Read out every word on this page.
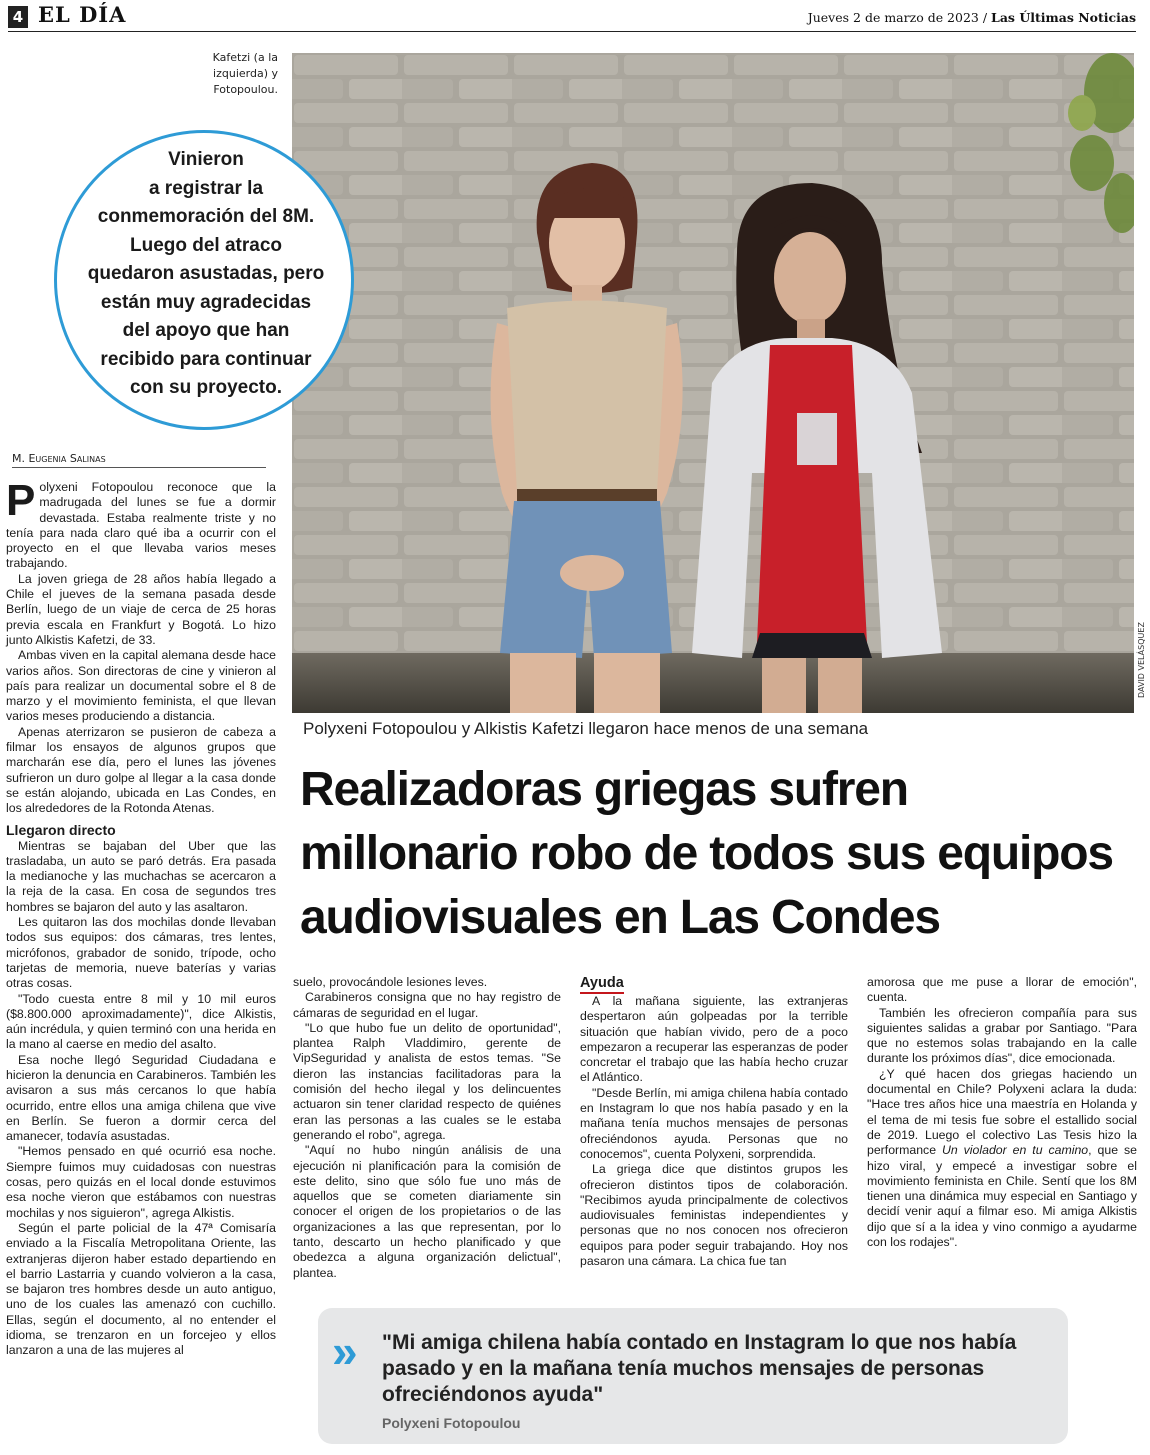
4 EL DÍA	Jueves 2 de marzo de 2023 / Las Últimas Noticias
Kafetzi (a la izquierda) y Fotopoulou.
DAVID VELÁSQUEZ
Vinieron
a registrar la
conmemoración del 8M.
Luego del atraco
quedaron asustadas, pero
están muy agradecidas
del apoyo que han
recibido para continuar
con su proyecto.
M. Eugenia Salinas

Polyxeni Fotopoulou reconoce que la madrugada del lunes se fue a dormir devastada. Estaba realmente triste y no tenía para nada claro qué iba a ocurrir con el proyecto en el que llevaba varios meses trabajando.

La joven griega de 28 años había llegado a Chile el jueves de la semana pasada desde Berlín, luego de un viaje de cerca de 25 horas previa escala en Frankfurt y Bogotá. Lo hizo junto Alkistis Kafetzi, de 33.

Ambas viven en la capital alemana desde hace varios años. Son directoras de cine y vinieron al país para realizar un documental sobre el 8 de marzo y el movimiento feminista, el que llevan varios meses produciendo a distancia.

Apenas aterrizaron se pusieron de cabeza a filmar los ensayos de algunos grupos que marcharán ese día, pero el lunes las jóvenes sufrieron un duro golpe al llegar a la casa donde se están alojando, ubicada en Las Condes, en los alrededores de la Rotonda Atenas.

Llegaron directo

Mientras se bajaban del Uber que las trasladaba, un auto se paró detrás. Era pasada la medianoche y las muchachas se acercaron a la reja de la casa. En cosa de segundos tres hombres se bajaron del auto y las asaltaron.

Les quitaron las dos mochilas donde llevaban todos sus equipos: dos cámaras, tres lentes, micrófonos, grabador de sonido, trípode, ocho tarjetas de memoria, nueve baterías y varias otras cosas.

"Todo cuesta entre 8 mil y 10 mil euros ($8.800.000 aproximadamente)", dice Alkistis, aún incrédula, y quien terminó con una herida en la mano al caerse en medio del asalto.

Esa noche llegó Seguridad Ciudadana e hicieron la denuncia en Carabineros. También les avisaron a sus más cercanos lo que había ocurrido, entre ellos una amiga chilena que vive en Berlín. Se fueron a dormir cerca del amanecer, todavía asustadas.

"Hemos pensado en qué ocurrió esa noche. Siempre fuimos muy cuidadosas con nuestras cosas, pero quizás en el local donde estuvimos esa noche vieron que estábamos con nuestras mochilas y nos siguieron", agrega Alkistis.

Según el parte policial de la 47ª Comisaría enviado a la Fiscalía Metropolitana Oriente, las extranjeras dijeron haber estado departiendo en el barrio Lastarria y cuando volvieron a la casa, se bajaron tres hombres desde un auto antiguo, uno de los cuales las amenazó con cuchillo. Ellas, según el documento, al no entender el idioma, se trenzaron en un forcejeo y ellos lanzaron a una de las mujeres al

Polyxeni Fotopoulou y Alkistis Kafetzi llegaron hace menos de una semana
Realizadoras griegas sufren
millonario robo de todos sus equipos
audiovisuales en Las Condes

suelo, provocándole lesiones leves.

Carabineros consigna que no hay registro de cámaras de seguridad en el lugar.

"Lo que hubo fue un delito de oportunidad", plantea Ralph Vladdimiro, gerente de VipSeguridad y analista de estos temas. "Se dieron las instancias facilitadoras para la comisión del hecho ilegal y los delincuentes actuaron sin tener claridad respecto de quiénes eran las personas a las cuales se le estaba generando el robo", agrega.

"Aquí no hubo ningún análisis de una ejecución ni planificación para la comisión de este delito, sino que sólo fue uno más de aquellos que se cometen diariamente sin conocer el origen de los propietarios o de las organizaciones a las que representan, por lo tanto, descarto un hecho planificado y que obedezca a alguna organización delictual", plantea.

Ayuda

A la mañana siguiente, las extranjeras despertaron aún golpeadas por la terrible situación que habían vivido, pero de a poco empezaron a recuperar las esperanzas de poder concretar el trabajo que las había hecho cruzar el Atlántico.

"Desde Berlín, mi amiga chilena había contado en Instagram lo que nos había pasado y en la mañana tenía muchos mensajes de personas ofreciéndonos ayuda. Personas que no conocemos", cuenta Polyxeni, sorprendida.

La griega dice que distintos grupos les ofrecieron distintos tipos de colaboración. "Recibimos ayuda principalmente de colectivos audiovisuales feministas independientes y personas que no nos conocen nos ofrecieron equipos para poder seguir trabajando. Hoy nos pasaron una cámara. La chica fue tan

amorosa que me puse a llorar de emoción", cuenta.

También les ofrecieron compañía para sus siguientes salidas a grabar por Santiago. "Para que no estemos solas trabajando en la calle durante los próximos días", dice emocionada.

¿Y qué hacen dos griegas haciendo un documental en Chile? Polyxeni aclara la duda: "Hace tres años hice una maestría en Holanda y el tema de mi tesis fue sobre el estallido social de 2019. Luego el colectivo Las Tesis hizo la performance Un violador en tu camino, que se hizo viral, y empecé a investigar sobre el movimiento feminista en Chile. Sentí que los 8M tienen una dinámica muy especial en Santiago y decidí venir aquí a filmar eso. Mi amiga Alkistis dijo que sí a la idea y vino conmigo a ayudarme con los rodajes".

» "Mi amiga chilena había contado en Instagram lo que nos había pasado y en la mañana tenía muchos mensajes de personas ofreciéndonos ayuda"
Polyxeni Fotopoulou
